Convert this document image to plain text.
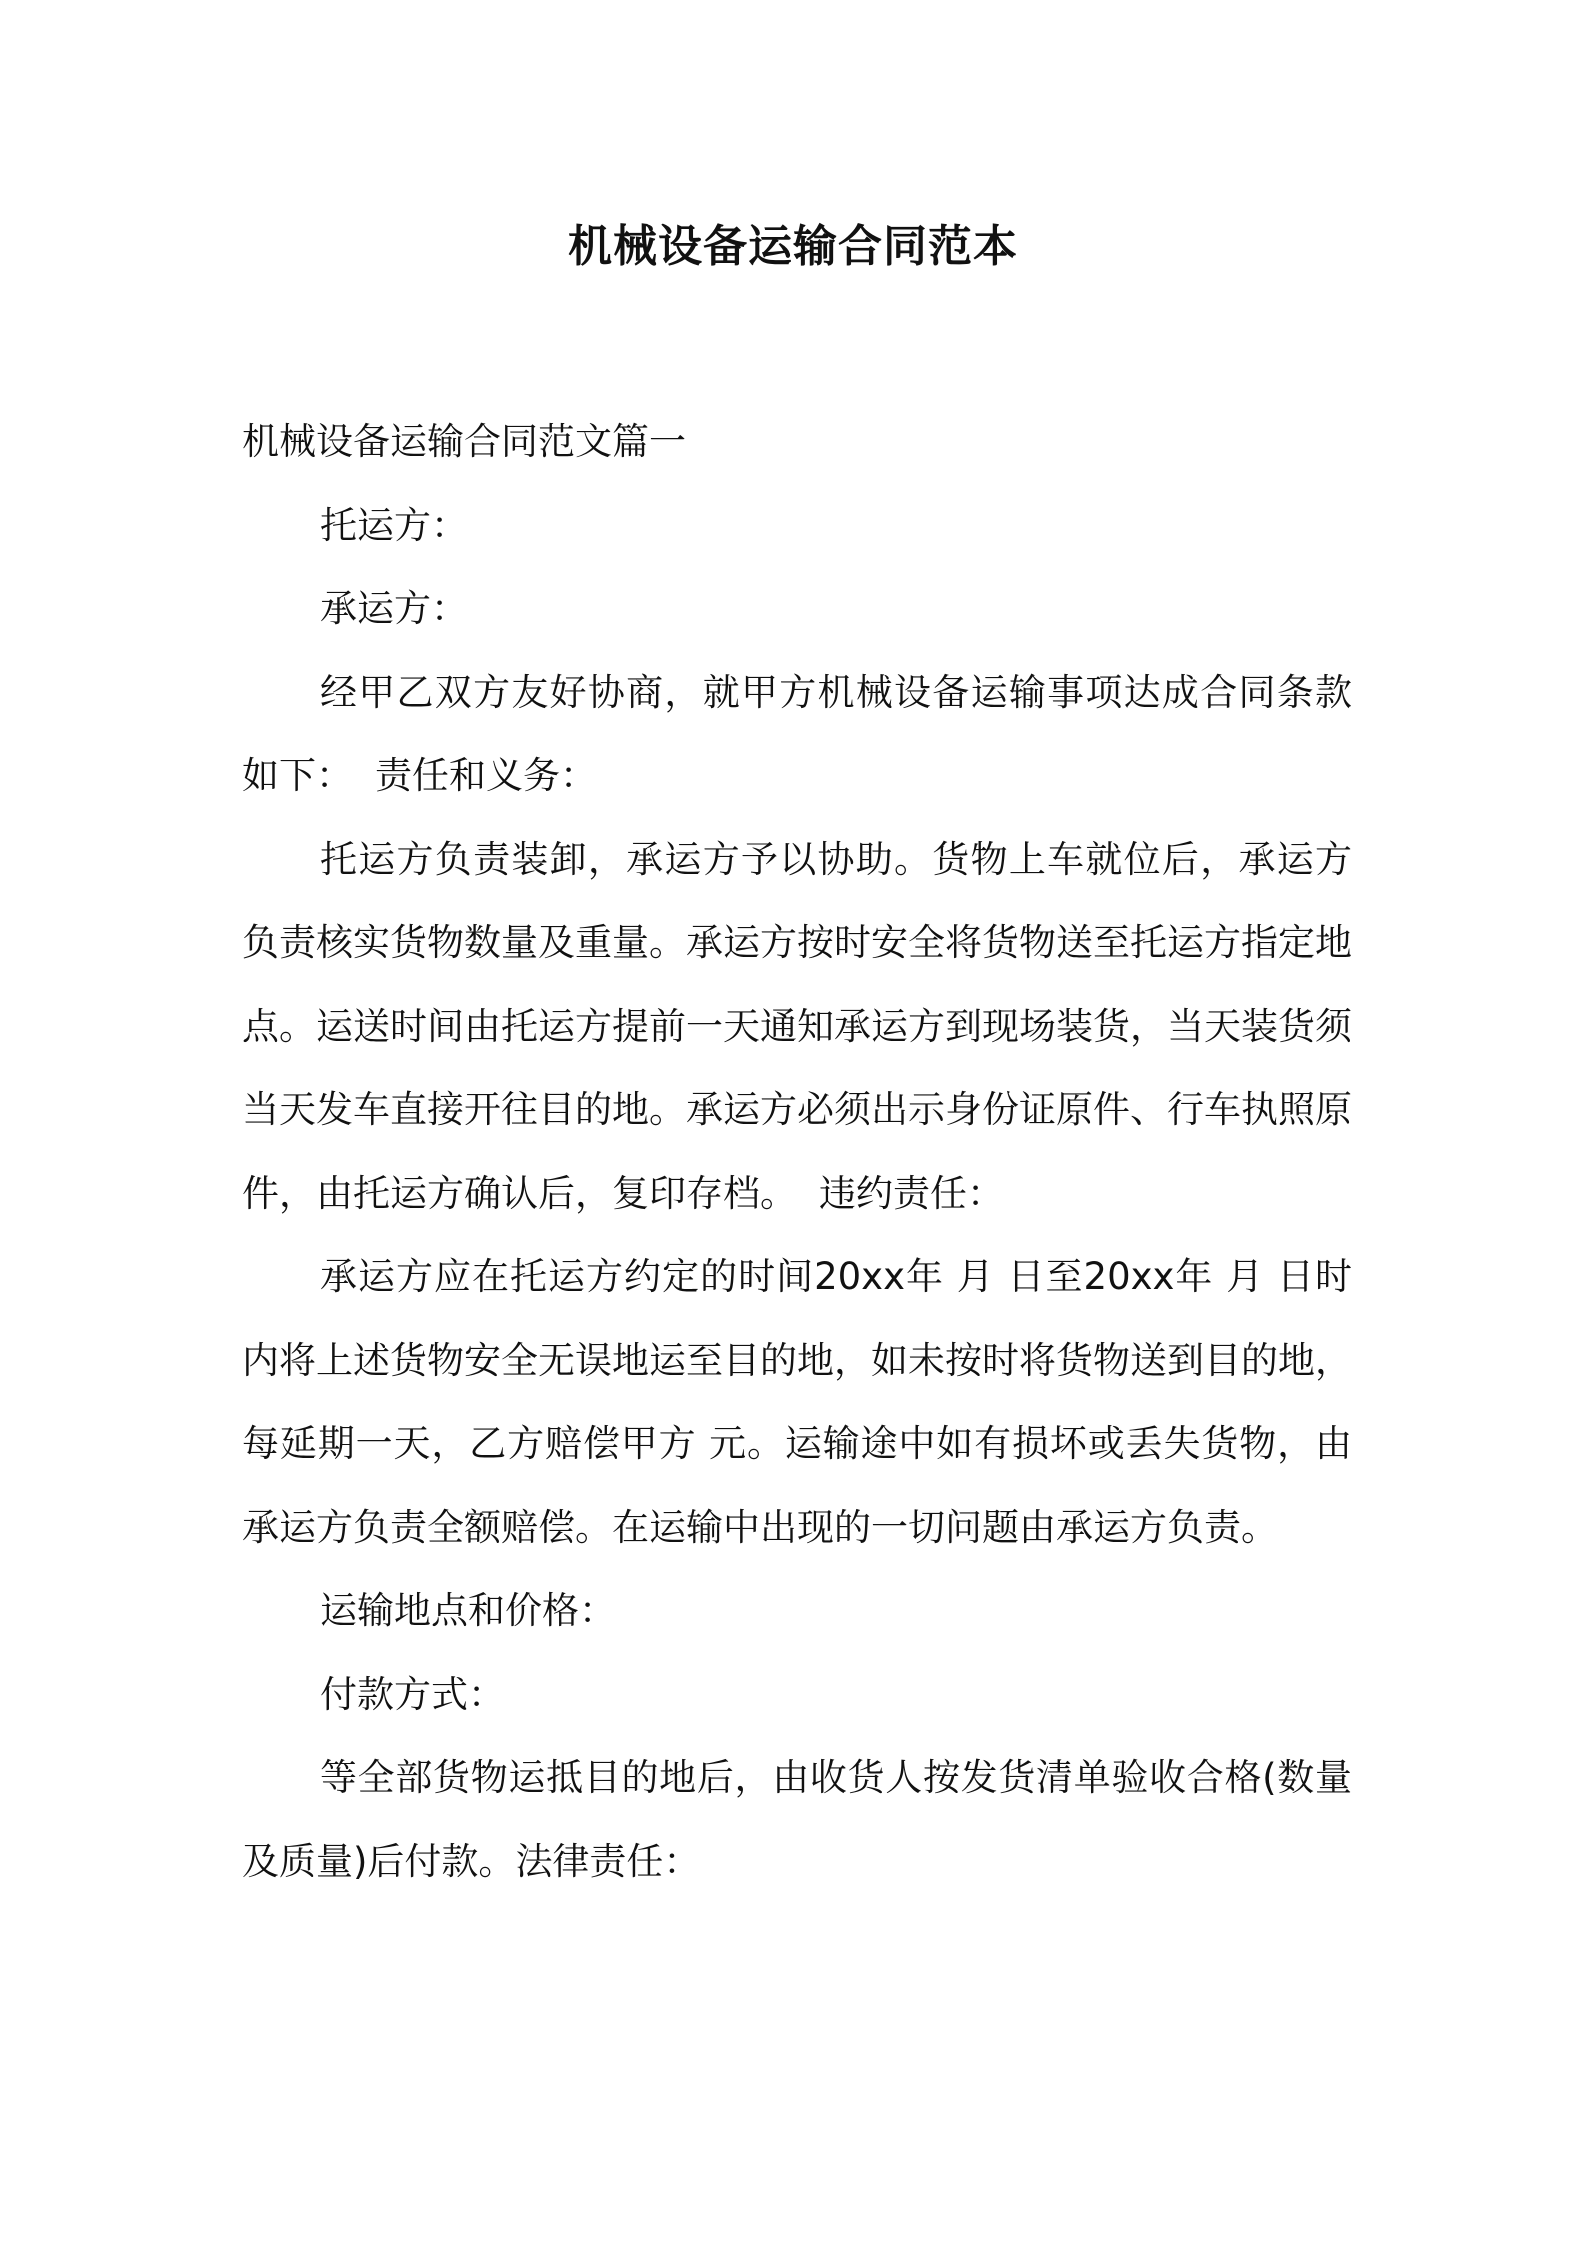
机械设备运输合同范本

机械设备运输合同范文篇一

托运方：

承运方：

经甲乙双方友好协商，就甲方机械设备运输事项达成合同条款如下： 责任和义务：

托运方负责装卸，承运方予以协助。货物上车就位后，承运方负责核实货物数量及重量。承运方按时安全将货物送至托运方指定地点。运送时间由托运方提前一天通知承运方到现场装货，当天装货须当天发车直接开往目的地。承运方必须出示身份证原件、行车执照原件，由托运方确认后，复印存档。 违约责任：

承运方应在托运方约定的时间20xx年 月 日至20xx年 月 日时内将上述货物安全无误地运至目的地，如未按时将货物送到目的地，每延期一天，乙方赔偿甲方 元。运输途中如有损坏或丢失货物，由承运方负责全额赔偿。在运输中出现的一切问题由承运方负责。

运输地点和价格：

付款方式：

等全部货物运抵目的地后，由收货人按发货清单验收合格(数量及质量)后付款。法律责任：
